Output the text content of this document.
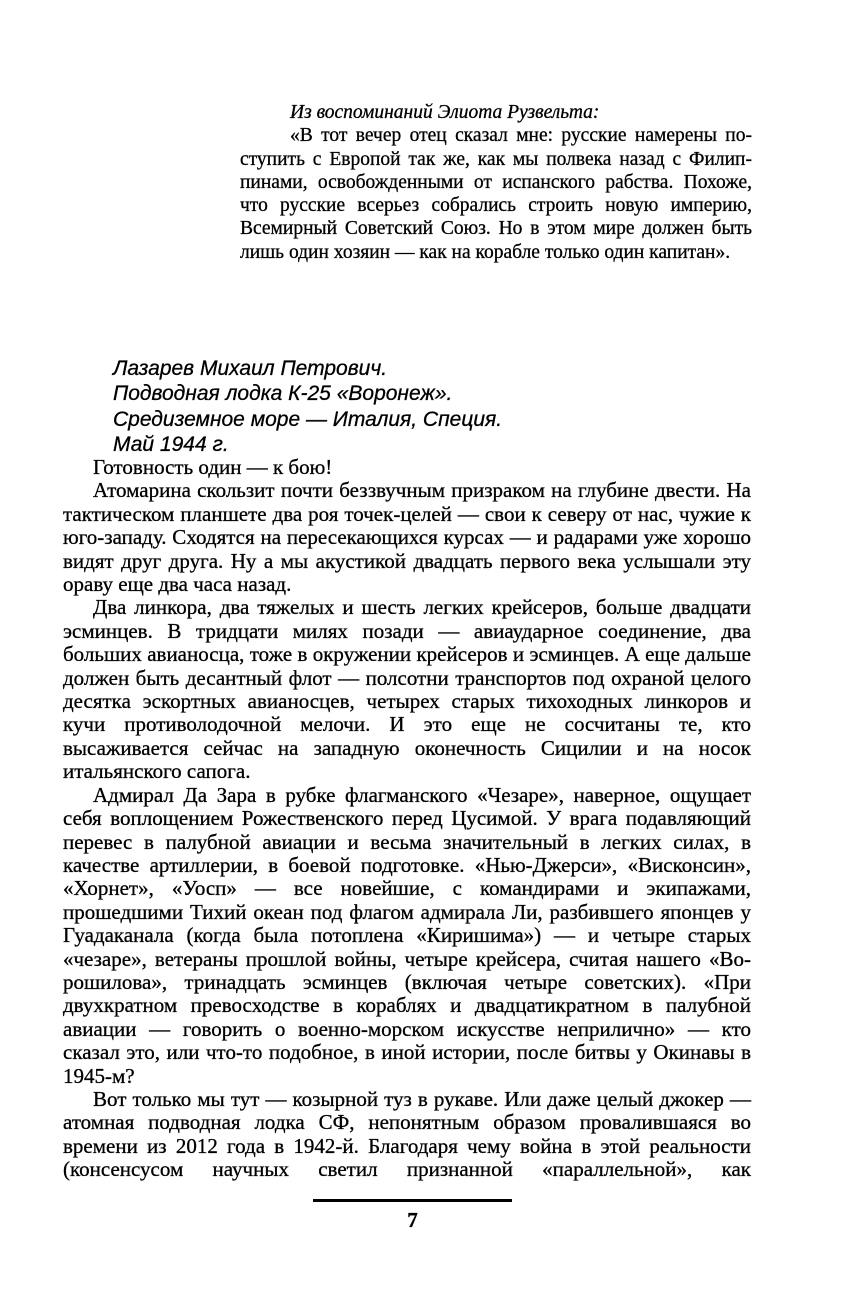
Из воспоминаний Элиота Рузвельта:

«В тот вечер отец сказал мне: русские намерены поступить с Европой так же, как мы полвека назад с Филиппинами, освобожденными от испанского рабства. Похоже, что русские всерьез собрались строить новую империю, Всемирный Советский Союз. Но в этом мире должен быть лишь один хозяин — как на корабле только один капитан».

Лазарев Михаил Петрович.

Подводная лодка К-25 «Воронеж».

Средиземное море — Италия, Специя.

Май 1944 г.

Готовность один — к бою!

Атомарина скользит почти беззвучным призраком на глубине двести. На тактическом планшете два роя точек-целей — свои к северу от нас, чужие к юго-западу. Сходятся на пересекающихся курсах — и радарами уже хорошо видят друг друга. Ну а мы акустикой двадцать первого века услышали эту ораву еще два часа назад.

Два линкора, два тяжелых и шесть легких крейсеров, больше двадцати эсминцев. В тридцати милях позади — авиаударное соединение, два больших авианосца, тоже в окружении крейсеров и эсминцев. А еще дальше должен быть десантный флот — полсотни транспортов под охраной целого десятка эскортных авианосцев, четырех старых тихоходных линкоров и кучи противолодочной мелочи. И это еще не сосчитаны те, кто высаживается сейчас на западную оконечность Сицилии и на носок итальянского сапога.

Адмирал Да Зара в рубке флагманского «Чезаре», наверное, ощущает себя воплощением Рожественского перед Цусимой. У врага подавляющий перевес в палубной авиации и весьма значительный в легких силах, в качестве артиллерии, в боевой подготовке. «Нью-Джерси», «Висконсин», «Хорнет», «Уосп» — все новейшие, с командирами и экипажами, прошедшими Тихий океан под флагом адмирала Ли, разбившего японцев у Гуадаканала (когда была потоплена «Киришима») — и четыре старых «чезаре», ветераны прошлой войны, четыре крейсера, считая нашего «Ворошилова», тринадцать эсминцев (включая четыре советских). «При двухкратном превосходстве в кораблях и двадцатикратном в палубной авиации — говорить о военно-морском искусстве неприлично» — кто сказал это, или что-то подобное, в иной истории, после битвы у Окинавы в 1945-м?

Вот только мы тут — козырной туз в рукаве. Или даже целый джокер — атомная подводная лодка СФ, непонятным образом провалившаяся во времени из 2012 года в 1942-й. Благодаря чему война в этой реальности (консенсусом научных светил признанной «параллельной», как

7
